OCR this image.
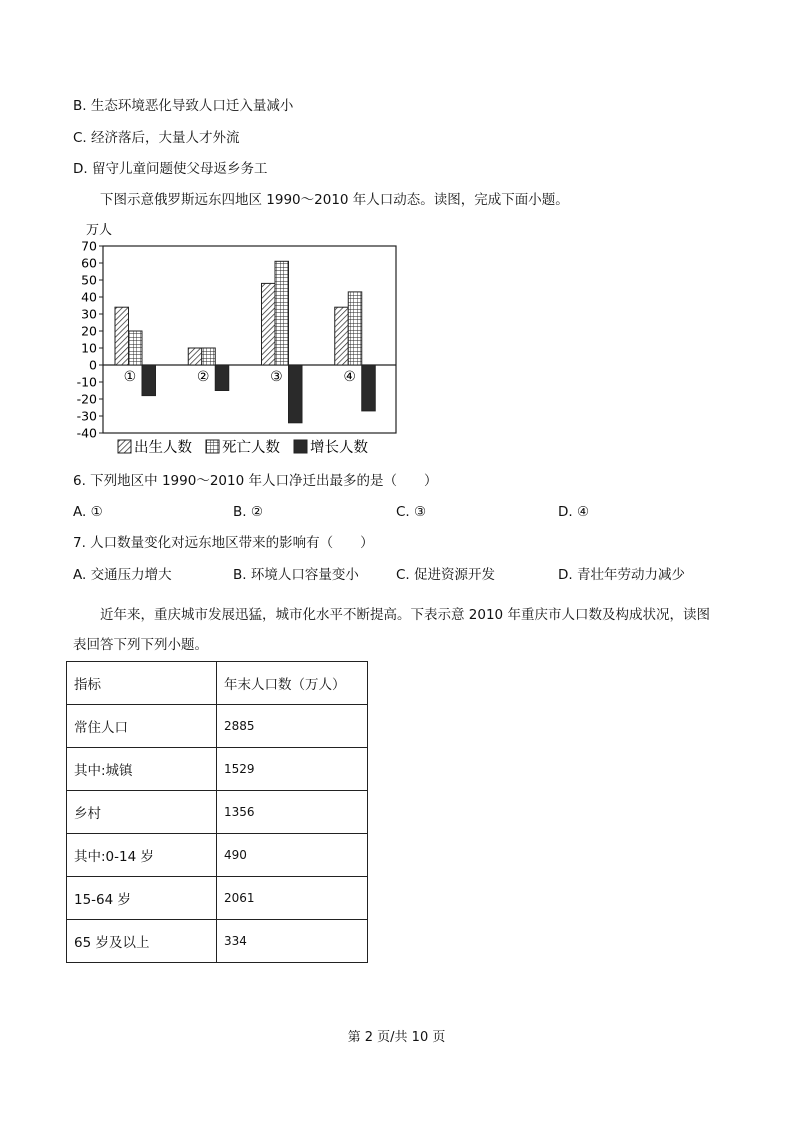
B. 生态环境恶化导致人口迁入量减小
C. 经济落后，大量人才外流
D. 留守儿童问题使父母返乡务工
下图示意俄罗斯远东四地区 1990～2010 年人口动态。读图，完成下面小题。
万人
70
60
50
40
30
20
10
0
-10
-20
-30
-40
①	②	③	④
出生人数 死亡人数 增长人数
6. 下列地区中 1990～2010 年人口净迁出最多的是（　　）
A. ①	B. ②	C. ③	D. ④
7. 人口数量变化对远东地区带来的影响有（　　）
A. 交通压力增大	B. 环境人口容量变小	C. 促进资源开发	D. 青壮年劳动力减少
近年来，重庆城市发展迅猛，城市化水平不断提高。下表示意 2010 年重庆市人口数及构成状况，读图
表回答下列下列小题。
指标	年末人口数（万人）
常住人口	2885
其中:城镇	1529
乡村	1356
其中:0-14 岁	490
15-64 岁	2061
65 岁及以上	334
第 2 页/共 10 页
